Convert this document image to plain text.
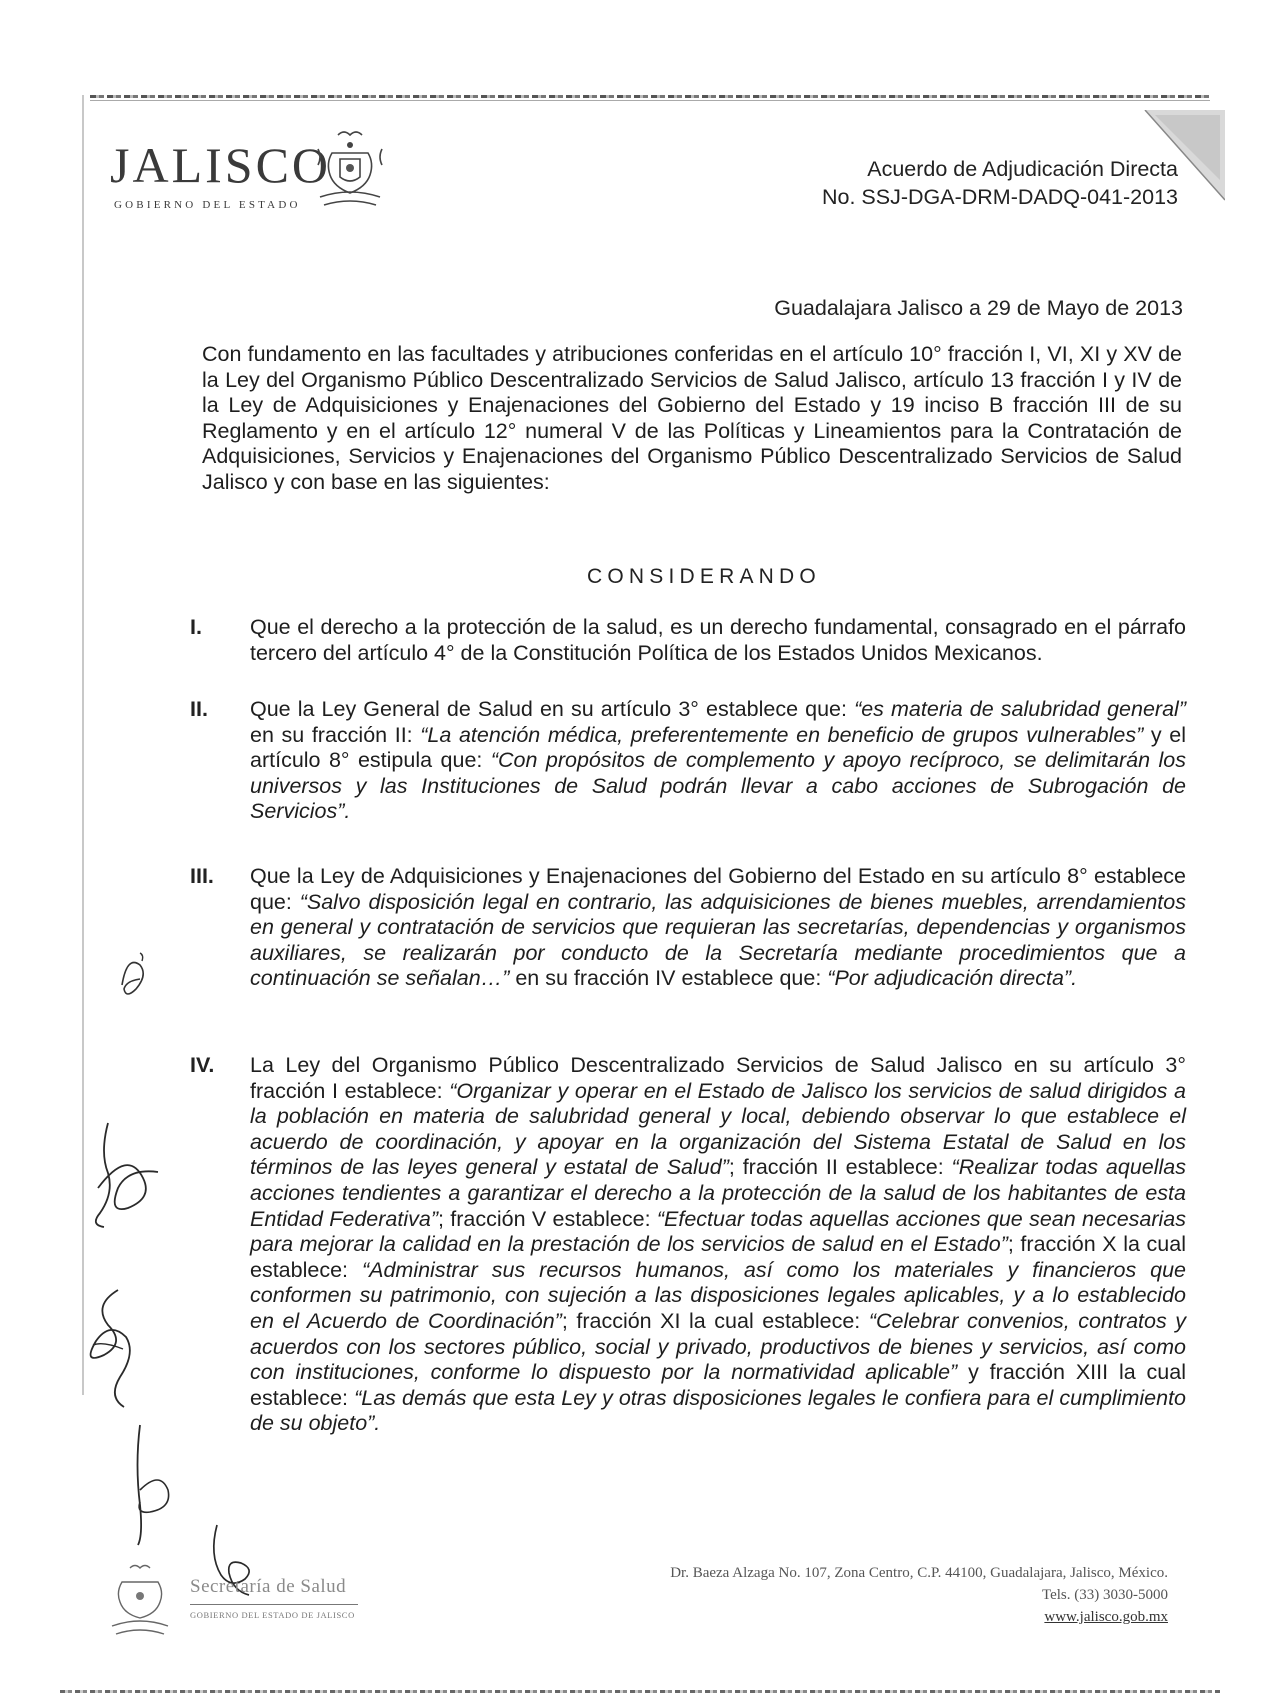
JALISCO
GOBIERNO DEL ESTADO
Acuerdo de Adjudicación Directa
No. SSJ-DGA-DRM-DADQ-041-2013
Guadalajara Jalisco a 29 de Mayo de 2013
Con fundamento en las facultades y atribuciones conferidas en el artículo 10° fracción I, VI, XI y XV de la Ley del Organismo Público Descentralizado Servicios de Salud Jalisco, artículo 13 fracción I y IV de la Ley de Adquisiciones y Enajenaciones del Gobierno del Estado y 19 inciso B fracción III de su Reglamento y en el artículo 12° numeral V de las Políticas y Lineamientos para la Contratación de Adquisiciones, Servicios y Enajenaciones del Organismo Público Descentralizado Servicios de Salud Jalisco y con base en las siguientes:
CONSIDERANDO
I. Que el derecho a la protección de la salud, es un derecho fundamental, consagrado en el párrafo tercero del artículo 4° de la Constitución Política de los Estados Unidos Mexicanos.
II. Que la Ley General de Salud en su artículo 3° establece que: “es materia de salubridad general” en su fracción II: “La atención médica, preferentemente en beneficio de grupos vulnerables” y el artículo 8° estipula que: “Con propósitos de complemento y apoyo recíproco, se delimitarán los universos y las Instituciones de Salud podrán llevar a cabo acciones de Subrogación de Servicios”.
III. Que la Ley de Adquisiciones y Enajenaciones del Gobierno del Estado en su artículo 8° establece que: “Salvo disposición legal en contrario, las adquisiciones de bienes muebles, arrendamientos en general y contratación de servicios que requieran las secretarías, dependencias y organismos auxiliares, se realizarán por conducto de la Secretaría mediante procedimientos que a continuación se señalan…” en su fracción IV establece que: “Por adjudicación directa”.
IV. La Ley del Organismo Público Descentralizado Servicios de Salud Jalisco en su artículo 3° fracción I establece: “Organizar y operar en el Estado de Jalisco los servicios de salud dirigidos a la población en materia de salubridad general y local, debiendo observar lo que establece el acuerdo de coordinación, y apoyar en la organización del Sistema Estatal de Salud en los términos de las leyes general y estatal de Salud”; fracción II establece: “Realizar todas aquellas acciones tendientes a garantizar el derecho a la protección de la salud de los habitantes de esta Entidad Federativa”; fracción V establece: “Efectuar todas aquellas acciones que sean necesarias para mejorar la calidad en la prestación de los servicios de salud en el Estado”; fracción X la cual establece: “Administrar sus recursos humanos, así como los materiales y financieros que conformen su patrimonio, con sujeción a las disposiciones legales aplicables, y a lo establecido en el Acuerdo de Coordinación”; fracción XI la cual establece: “Celebrar convenios, contratos y acuerdos con los sectores público, social y privado, productivos de bienes y servicios, así como con instituciones, conforme lo dispuesto por la normatividad aplicable” y fracción XIII la cual establece: “Las demás que esta Ley y otras disposiciones legales le confiera para el cumplimiento de su objeto”.
Secretaría de Salud
GOBIERNO DEL ESTADO DE JALISCO
Dr. Baeza Alzaga No. 107, Zona Centro, C.P. 44100, Guadalajara, Jalisco, México.
Tels. (33) 3030-5000
www.jalisco.gob.mx
